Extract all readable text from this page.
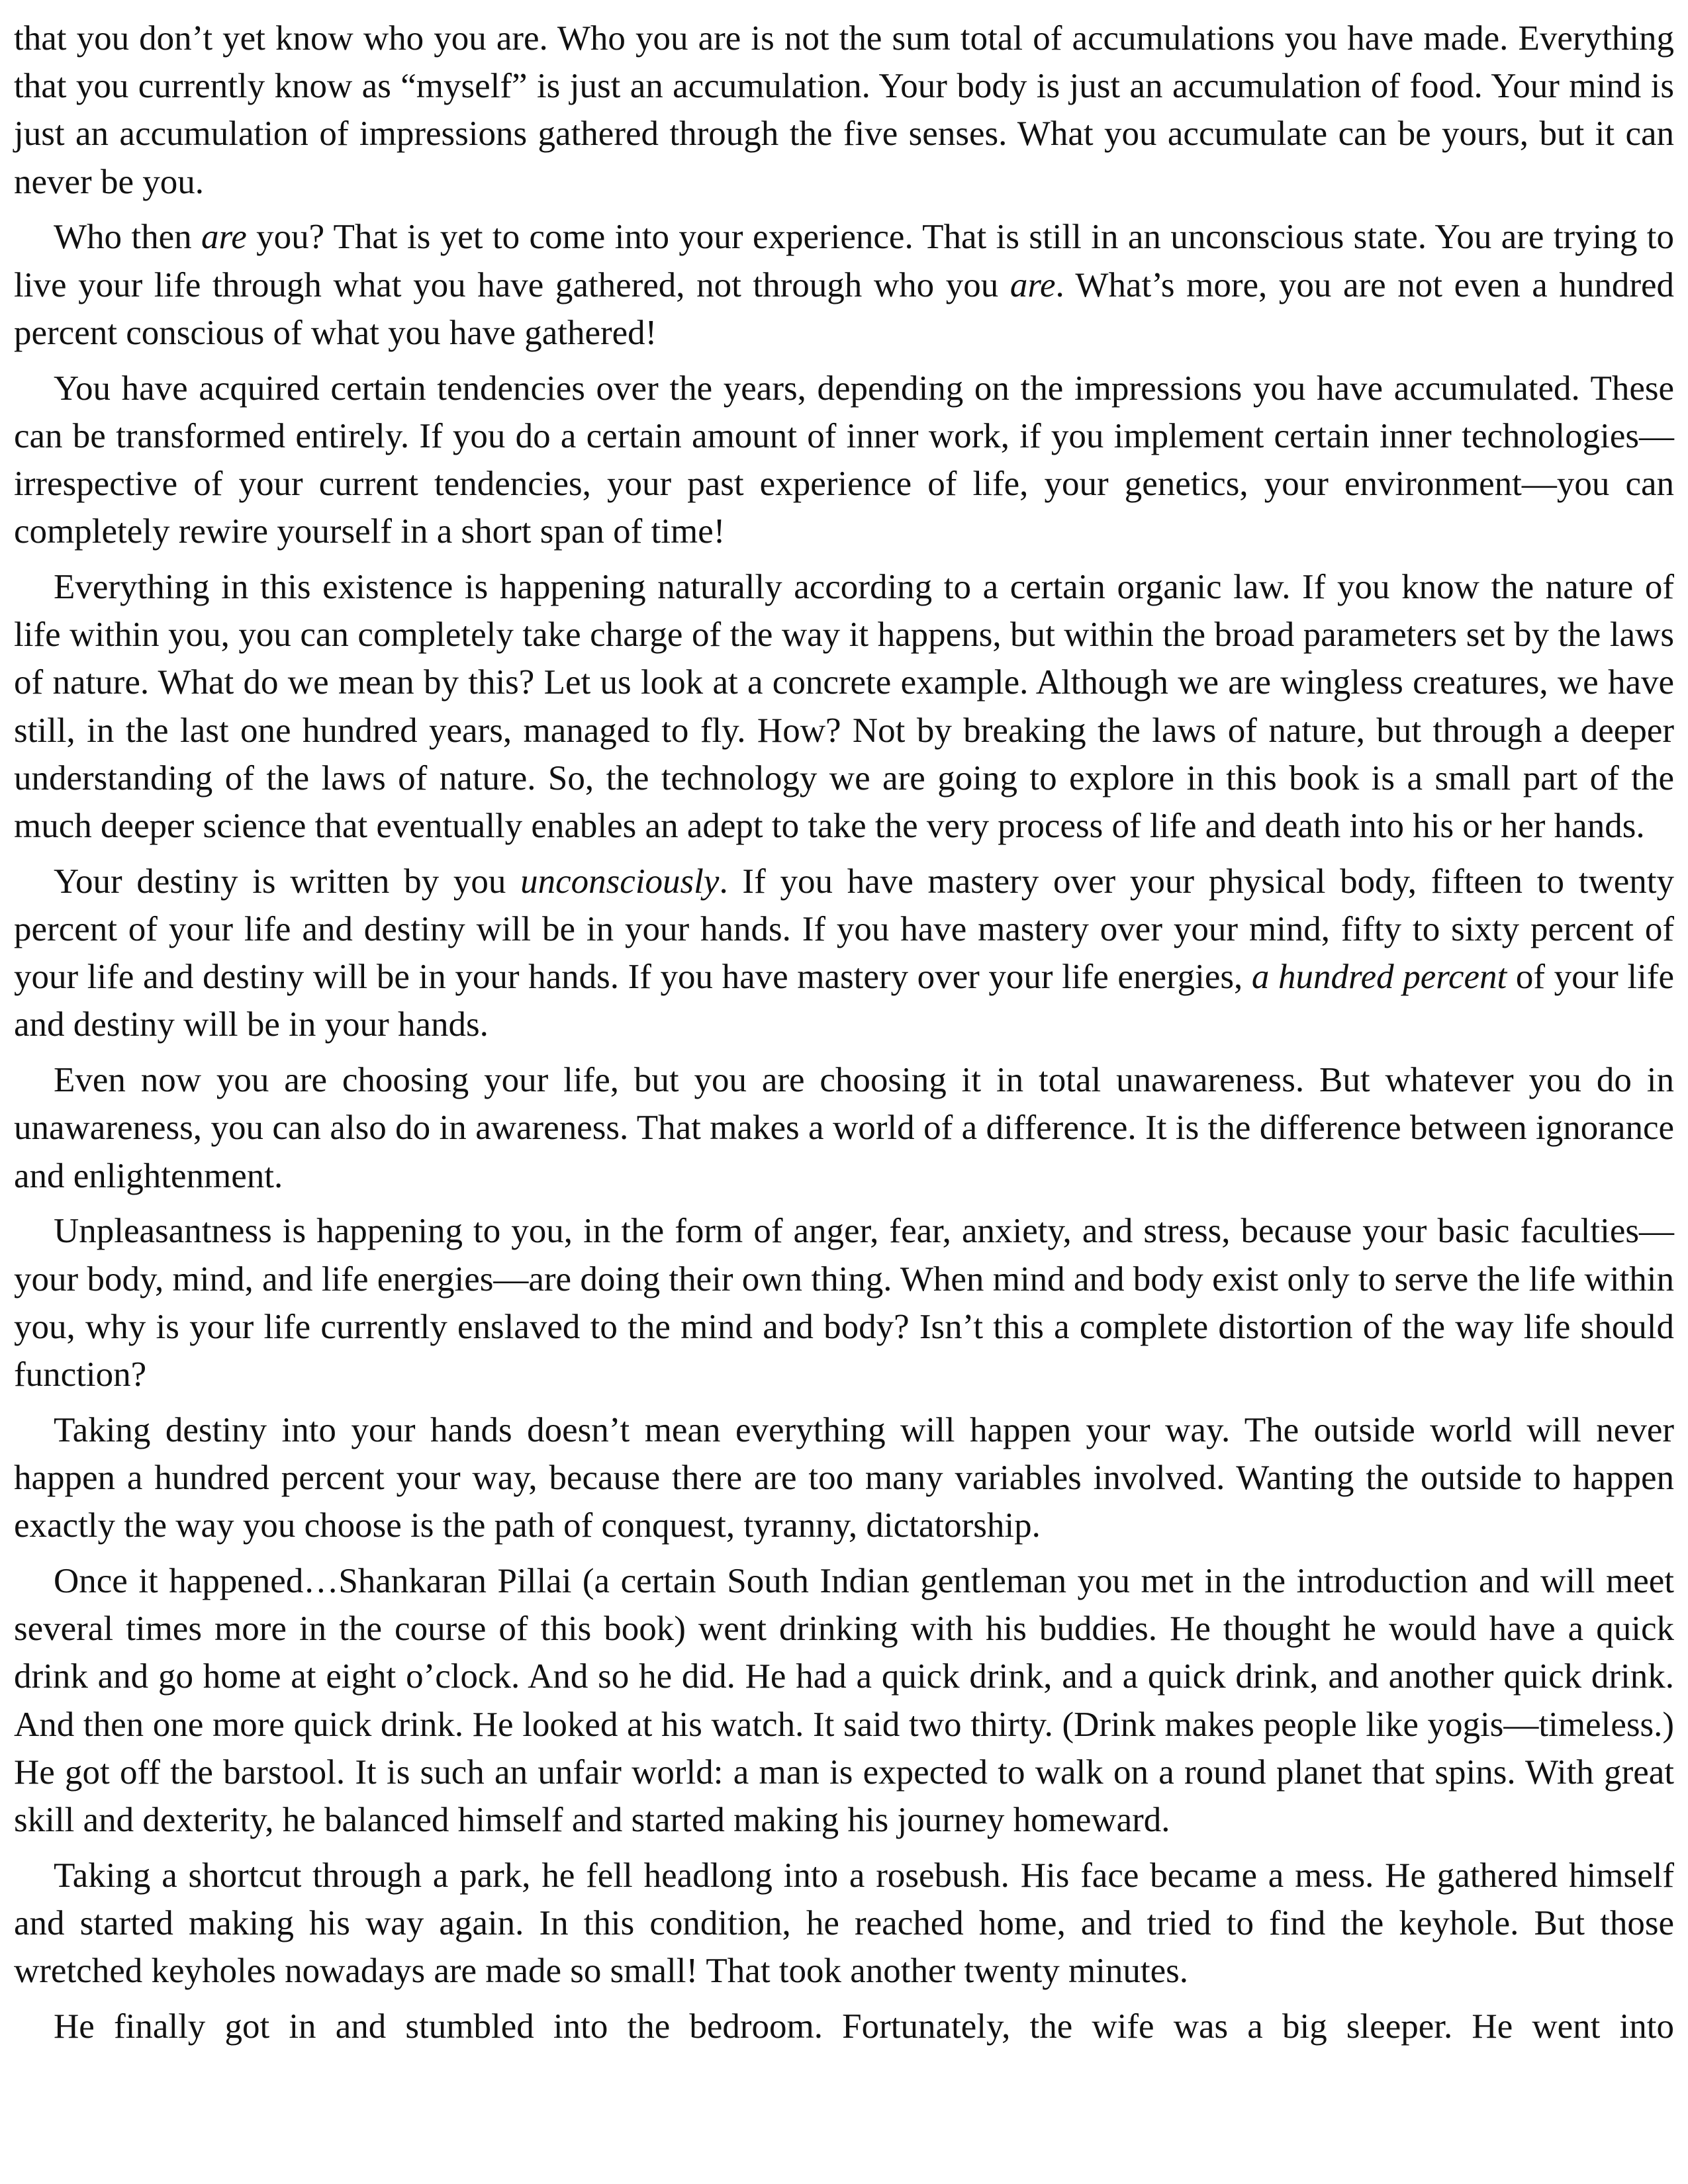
that you don’t yet know who you are. Who you are is not the sum total of accumulations you have made. Everything that you currently know as “myself” is just an accumulation. Your body is just an accumulation of food. Your mind is just an accumulation of impressions gathered through the five senses. What you accumulate can be yours, but it can never be you.

Who then are you? That is yet to come into your experience. That is still in an unconscious state. You are trying to live your life through what you have gathered, not through who you are. What’s more, you are not even a hundred percent conscious of what you have gathered!

You have acquired certain tendencies over the years, depending on the impressions you have accumulated. These can be transformed entirely. If you do a certain amount of inner work, if you implement certain inner technologies—irrespective of your current tendencies, your past experience of life, your genetics, your environment—you can completely rewire yourself in a short span of time!

Everything in this existence is happening naturally according to a certain organic law. If you know the nature of life within you, you can completely take charge of the way it happens, but within the broad parameters set by the laws of nature. What do we mean by this? Let us look at a concrete example. Although we are wingless creatures, we have still, in the last one hundred years, managed to fly. How? Not by breaking the laws of nature, but through a deeper understanding of the laws of nature. So, the technology we are going to explore in this book is a small part of the much deeper science that eventually enables an adept to take the very process of life and death into his or her hands.

Your destiny is written by you unconsciously. If you have mastery over your physical body, fifteen to twenty percent of your life and destiny will be in your hands. If you have mastery over your mind, fifty to sixty percent of your life and destiny will be in your hands. If you have mastery over your life energies, a hundred percent of your life and destiny will be in your hands.

Even now you are choosing your life, but you are choosing it in total unawareness. But whatever you do in unawareness, you can also do in awareness. That makes a world of a difference. It is the difference between ignorance and enlightenment.

Unpleasantness is happening to you, in the form of anger, fear, anxiety, and stress, because your basic faculties—your body, mind, and life energies—are doing their own thing. When mind and body exist only to serve the life within you, why is your life currently enslaved to the mind and body? Isn’t this a complete distortion of the way life should function?

Taking destiny into your hands doesn’t mean everything will happen your way. The outside world will never happen a hundred percent your way, because there are too many variables involved. Wanting the outside to happen exactly the way you choose is the path of conquest, tyranny, dictatorship.

Once it happened…Shankaran Pillai (a certain South Indian gentleman you met in the introduction and will meet several times more in the course of this book) went drinking with his buddies. He thought he would have a quick drink and go home at eight o’clock. And so he did. He had a quick drink, and a quick drink, and another quick drink. And then one more quick drink. He looked at his watch. It said two thirty. (Drink makes people like yogis—timeless.) He got off the barstool. It is such an unfair world: a man is expected to walk on a round planet that spins. With great skill and dexterity, he balanced himself and started making his journey homeward.

Taking a shortcut through a park, he fell headlong into a rosebush. His face became a mess. He gathered himself and started making his way again. In this condition, he reached home, and tried to find the keyhole. But those wretched keyholes nowadays are made so small! That took another twenty minutes.

He finally got in and stumbled into the bedroom. Fortunately, the wife was a big sleeper. He went into
